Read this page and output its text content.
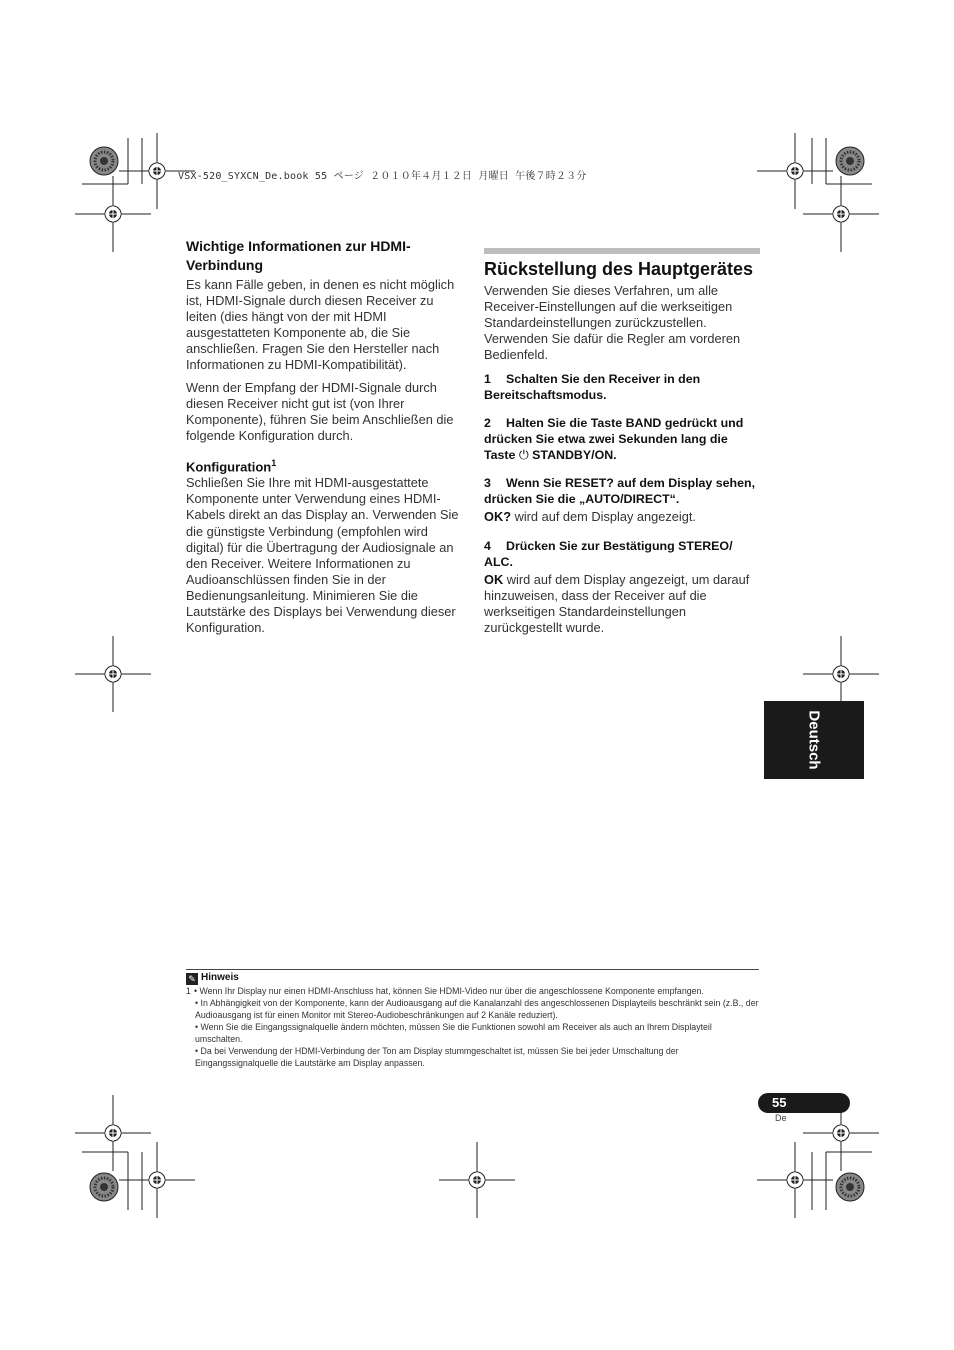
VSX-520_SYXCN_De.book 55 ページ ２０１０年４月１２日 月曜日 午後７時２３分
Wichtige Informationen zur HDMI-Verbindung

Es kann Fälle geben, in denen es nicht möglich ist, HDMI-Signale durch diesen Receiver zu leiten (dies hängt von der mit HDMI ausgestatteten Komponente ab, die Sie anschließen. Fragen Sie den Hersteller nach Informationen zu HDMI-Kompatibilität).

Wenn der Empfang der HDMI-Signale durch diesen Receiver nicht gut ist (von Ihrer Komponente), führen Sie beim Anschließen die folgende Konfiguration durch.

Konfiguration$^1$

Schließen Sie Ihre mit HDMI-ausgestattete Komponente unter Verwendung eines HDMI-Kabels direkt an das Display an. Verwenden Sie die günstigste Verbindung (empfohlen wird digital) für die Übertragung der Audiosignale an den Receiver. Weitere Informationen zu Audioanschlüssen finden Sie in der Bedienungsanleitung. Minimieren Sie die Lautstärke des Displays bei Verwendung dieser Konfiguration.

Rückstellung des Hauptgerätes

Verwenden Sie dieses Verfahren, um alle Receiver-Einstellungen auf die werkseitigen Standardeinstellungen zurückzustellen. Verwenden Sie dafür die Regler am vorderen Bedienfeld.

1 Schalten Sie den Receiver in den Bereitschaftsmodus.
2 Halten Sie die Taste BAND gedrückt und drücken Sie etwa zwei Sekunden lang die Taste ⏻ STANDBY/ON.
3 Wenn Sie RESET? auf dem Display sehen, drücken Sie die „AUTO/DIRECT“.

OK? wird auf dem Display angezeigt.

4 Drücken Sie zur Bestätigung STEREO/ ALC.

OK wird auf dem Display angezeigt, um darauf hinzuweisen, dass der Receiver auf die werkseitigen Standardeinstellungen zurückgestellt wurde.

Deutsch
✎ Hinweis

1 • Wenn Ihr Display nur einen HDMI-Anschluss hat, können Sie HDMI-Video nur über die angeschlossene Komponente empfangen.

• In Abhängigkeit von der Komponente, kann der Audioausgang auf die Kanalanzahl des angeschlossenen Displayteils beschränkt sein (z.B., der Audioausgang ist für einen Monitor mit Stereo-Audiobeschränkungen auf 2 Kanäle reduziert).

• Wenn Sie die Eingangssignalquelle ändern möchten, müssen Sie die Funktionen sowohl am Receiver als auch an Ihrem Displayteil umschalten.

• Da bei Verwendung der HDMI-Verbindung der Ton am Display stummgeschaltet ist, müssen Sie bei jeder Umschaltung der Eingangssignalquelle die Lautstärke am Display anpassen.

55
De
